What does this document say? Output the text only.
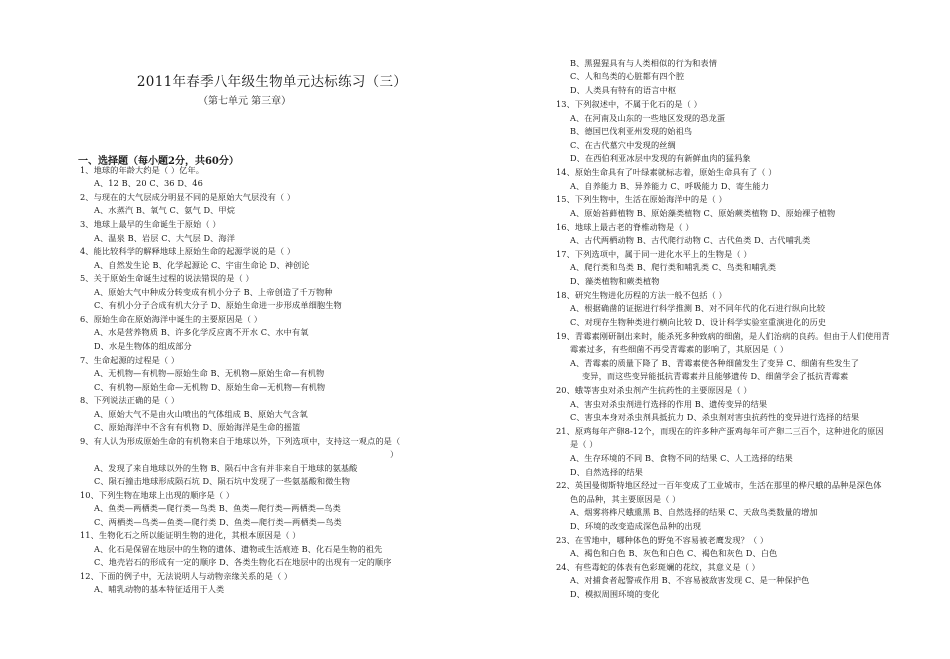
2011年春季八年级生物单元达标练习（三）
（第七单元 第三章）
一、选择题（每小题2分，共60分）
1、地球的年龄大约是（ ）亿年。
A、12 B、20 C、36 D、46
2、与现在的大气层成分明显不同的是原始大气层没有（ ）
A、水蒸汽 B、氧气 C、氨气 D、甲烷
3、地球上最早的生命诞生于原始（ ）
A、温泉 B、岩层 C、大气层 D、海洋
4、能比较科学的解释地球上原始生命的起源学说的是（ ）
A、自然发生论 B、化学起源论 C、宇宙生命论 D、神创论
5、关于原始生命诞生过程的说法错误的是（ ）
A、原始大气中种成分转变成有机小分子 B、上帝创造了千万物种
C、有机小分子合成有机大分子 D、原始生命进一步形成单细胞生物
6、原始生命在原始海洋中诞生的主要原因是（ ）
A、水是营养物质 B、许多化学反应离不开水 C、水中有氧
D、水是生物体的组成部分
7、生命起源的过程是（ ）
A、无机物—有机物—原始生命 B、无机物—原始生命—有机物
C、有机物—原始生命—无机物 D、原始生命—无机物—有机物
8、下列说法正确的是（ ）
A、原始大气不是由火山喷出的气体组成 B、原始大气含氧
C、原始海洋中不含有有机物 D、原始海洋是生命的摇篮
9、有人认为形成原始生命的有机物来自于地球以外，下列选项中，支持这一观点的是（
）
A、发现了来自地球以外的生物 B、陨石中含有并非来自于地球的氨基酸
C、陨石撞击地球形成陨石坑 D、陨石坑中发现了一些氨基酸和微生物
10、下列生物在地球上出现的顺序是（ ）
A、鱼类—两栖类—爬行类—鸟类 B、鱼类—爬行类—两栖类—鸟类
C、两栖类—鸟类—鱼类—爬行类 D、鱼类—爬行类—两栖类—鸟类
11、生物化石之所以能证明生物的进化，其根本原因是（ ）
A、化石是保留在地层中的生物的遗体、遗物或生活痕迹 B、化石是生物的祖先
C、地壳岩石的形成有一定的顺序 D、各类生物化石在地层中的出现有一定的顺序
12、下面的例子中，无法说明人与动物亲缘关系的是（ ）
A、哺乳动物的基本特征适用于人类
B、黑猩猩具有与人类相似的行为和表情
C、人和鸟类的心脏都有四个腔
D、人类具有特有的语言中枢
13、下列叙述中，不属于化石的是（ ）
A、在河南及山东的一些地区发现的恐龙蛋
B、德国巴伐利亚州发现的始祖鸟
C、在古代墓穴中发现的丝绸
D、在西伯利亚冰层中发现的有新鲜血肉的猛犸象
14、原始生命具有了叶绿素就标志着，原始生命具有了（ ）
A、自养能力 B、异养能力 C、呼吸能力 D、寄生能力
15、下列生物中，生活在原始海洋中的是（ ）
A、原始苔藓植物 B、原始藻类植物 C、原始蕨类植物 D、原始裸子植物
16、地球上最古老的脊椎动物是（ ）
A、古代两栖动物 B、古代爬行动物 C、古代鱼类 D、古代哺乳类
17、下列选项中，属于同一进化水平上的生物是（ ）
A、爬行类和鸟类 B、爬行类和哺乳类 C、鸟类和哺乳类
D、藻类植物和蕨类植物
18、研究生物进化历程的方法一般不包括（ ）
A、根据确凿的证据进行科学推测 B、对不同年代的化石进行纵向比较
C、对现存生物种类进行横向比较 D、设计科学实验室重演进化的历史
19、青霉素刚研制出来时，能杀死多种致病的细菌，是人们治病的良药。但由于人们使用青
霉素过多，有些细菌不再受青霉素的影响了，其原因是（ ）
A、青霉素的质量下降了 B、青霉素使各种细菌发生了变异 C、细菌有些发生了
变异，而这些变异能抵抗青霉素并且能够遗传 D、细菌学会了抵抗青霉素
20、蛾等害虫对杀虫剂产生抗药性的主要原因是（ ）
A、害虫对杀虫剂进行选择的作用 B、遗传变异的结果
C、害虫本身对杀虫剂具抵抗力 D、杀虫剂对害虫抗药性的变异进行选择的结果
21、原鸡每年产卵8-12个，而现在的许多种产蛋鸡每年可产卵二三百个，这种进化的原因
是（ ）
A、生存环境的不同 B、食物不同的结果 C、人工选择的结果
D、自然选择的结果
22、英国曼彻斯特地区经过一百年变成了工业城市，生活在那里的桦尺蛾的品种是深色体
色的品种，其主要原因是（ ）
A、烟雾将桦尺蛾熏黑 B、自然选择的结果 C、天敌鸟类数量的增加
D、环境的改变造成深色品种的出现
23、在雪地中，哪种体色的野兔不容易被老鹰发现？（ ）
A、褐色和白色 B、灰色和白色 C、褐色和灰色 D、白色
24、有些毒蛇的体表有色彩斑斓的花纹，其意义是（ ）
A、对捕食者起警戒作用 B、不容易被敌害发现 C、是一种保护色
D、模拟周围环境的变化
